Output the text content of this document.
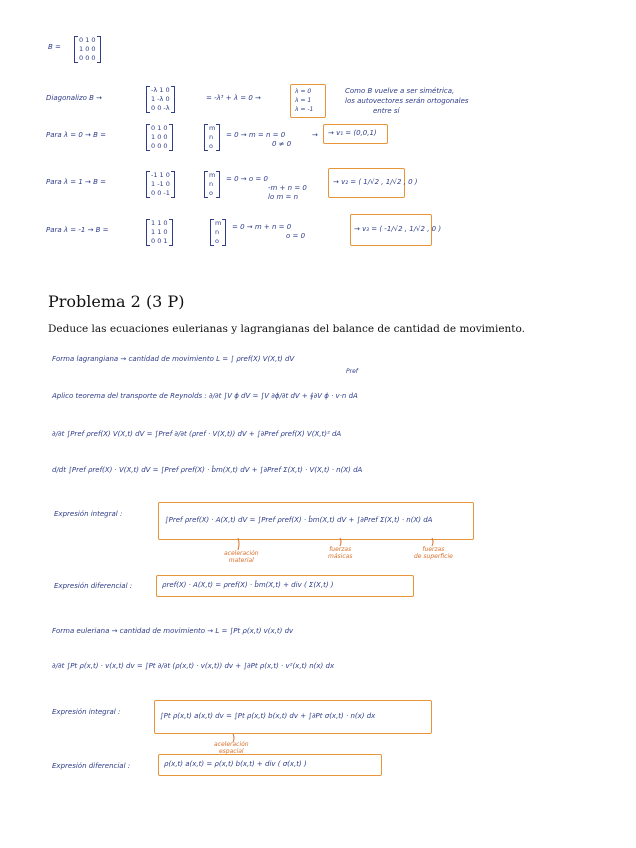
B =
0 1 0
1 0 0
0 0 0
Diagonalizo B →
-λ 1 0
1 -λ 0
0 0 -λ
= -λ³ + λ = 0 →
λ = 0
λ = 1
λ = -1
Como B vuelve a ser simétrica,
los autovectores serán ortogonales
entre sí
Para λ = 0 → B =
0 1 0
1 0 0
0 0 0
m
n
o
= 0 → m = n = 0
0 ≠ 0
→	→ v₁ = (0,0,1)
Para λ = 1 → B =
-1 1 0
1 -1 0
0 0 -1
m
n
o
= 0 → o = 0
-m + n = 0
lo m = n
→ v₂ = ( 1/√2 , 1/√2 , 0 )
Para λ = -1 → B =
1 1 0
1 1 0
0 0 1
m
n
o
= 0 → m + n = 0
o = 0
→ v₃ = ( -1/√2 , 1/√2 , 0 )
Problema 2 (3 P)
Deduce las ecuaciones eulerianas y lagrangianas del balance de cantidad de movimiento.
Forma lagrangiana → cantidad de movimiento L = ∫ ρref(X) V(X,t) dV
Pref
Aplico teorema del transporte de Reynolds : ∂/∂t ∫V ϕ dV = ∫V ∂ϕ/∂t dV + ∮∂V ϕ · v·n dA
∂/∂t ∫Pref ρref(X) V(X,t) dV = ∫Pref ∂/∂t (ρref · V(X,t)) dV + ∫∂Pref ρref(X) V(X,t)² dA
d/dt ∫Pref ρref(X) · V(X,t) dV = ∫Pref ρref(X) · b̂m(X,t) dV + ∫∂Pref Σ(X,t) · V(X,t) · n(X) dA
Expresión integral :
∫Pref ρref(X) · A(X,t) dV = ∫Pref ρref(X) · b̂m(X,t) dV + ∫∂Pref Σ(X,t) · n(X) dA
aceleración
material
fuerzas
másicas
fuerzas
de superficie
Expresión diferencial :	ρref(X) · A(X,t) = ρref(X) · b̂m(X,t) + div ( Σ(X,t) )
Forma euleriana → cantidad de movimiento → L = ∫Pt ρ(x,t) v(x,t) dv
∂/∂t ∫Pt ρ(x,t) · v(x,t) dv = ∫Pt ∂/∂t (ρ(x,t) · v(x,t)) dv + ∫∂Pt ρ(x,t) · v²(x,t) n(x) dx
Expresión integral :	∫Pt ρ(x,t) a(x,t) dv = ∫Pt ρ(x,t) b(x,t) dv + ∫∂Pt σ(x,t) · n(x) dx
aceleración
espacial
Expresión diferencial :	ρ(x,t) a(x,t) = ρ(x,t) b(x,t) + div ( σ(x,t) )
